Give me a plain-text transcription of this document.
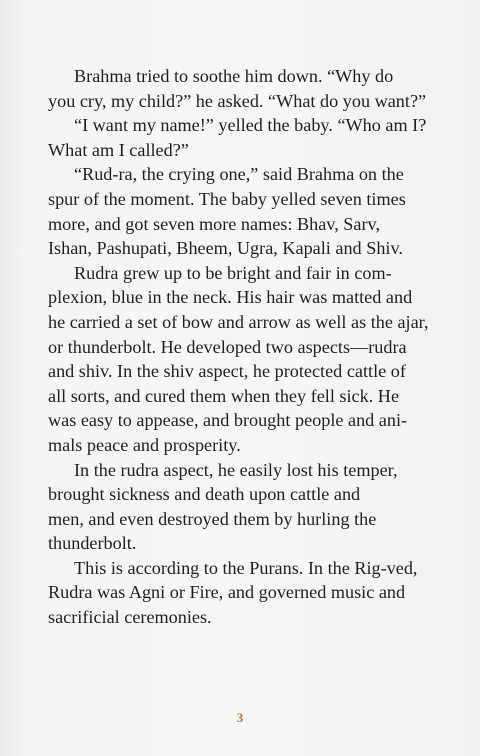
Brahma tried to soothe him down. “Why do
you cry, my child?” he asked. “What do you want?”

“I want my name!” yelled the baby. “Who am I?
What am I called?”

“Rud-ra, the crying one,” said Brahma on the
spur of the moment. The baby yelled seven times
more, and got seven more names: Bhav, Sarv,
Ishan, Pashupati, Bheem, Ugra, Kapali and Shiv.

Rudra grew up to be bright and fair in com-
plexion, blue in the neck. His hair was matted and
he carried a set of bow and arrow as well as the ajar,
or thunderbolt. He developed two aspects—rudra
and shiv. In the shiv aspect, he protected cattle of
all sorts, and cured them when they fell sick. He
was easy to appease, and brought people and ani-
mals peace and prosperity.

In the rudra aspect, he easily lost his temper,
brought sickness and death upon cattle and
men, and even destroyed them by hurling the
thunderbolt.

This is according to the Purans. In the Rig-ved,
Rudra was Agni or Fire, and governed music and
sacrificial ceremonies.

3
